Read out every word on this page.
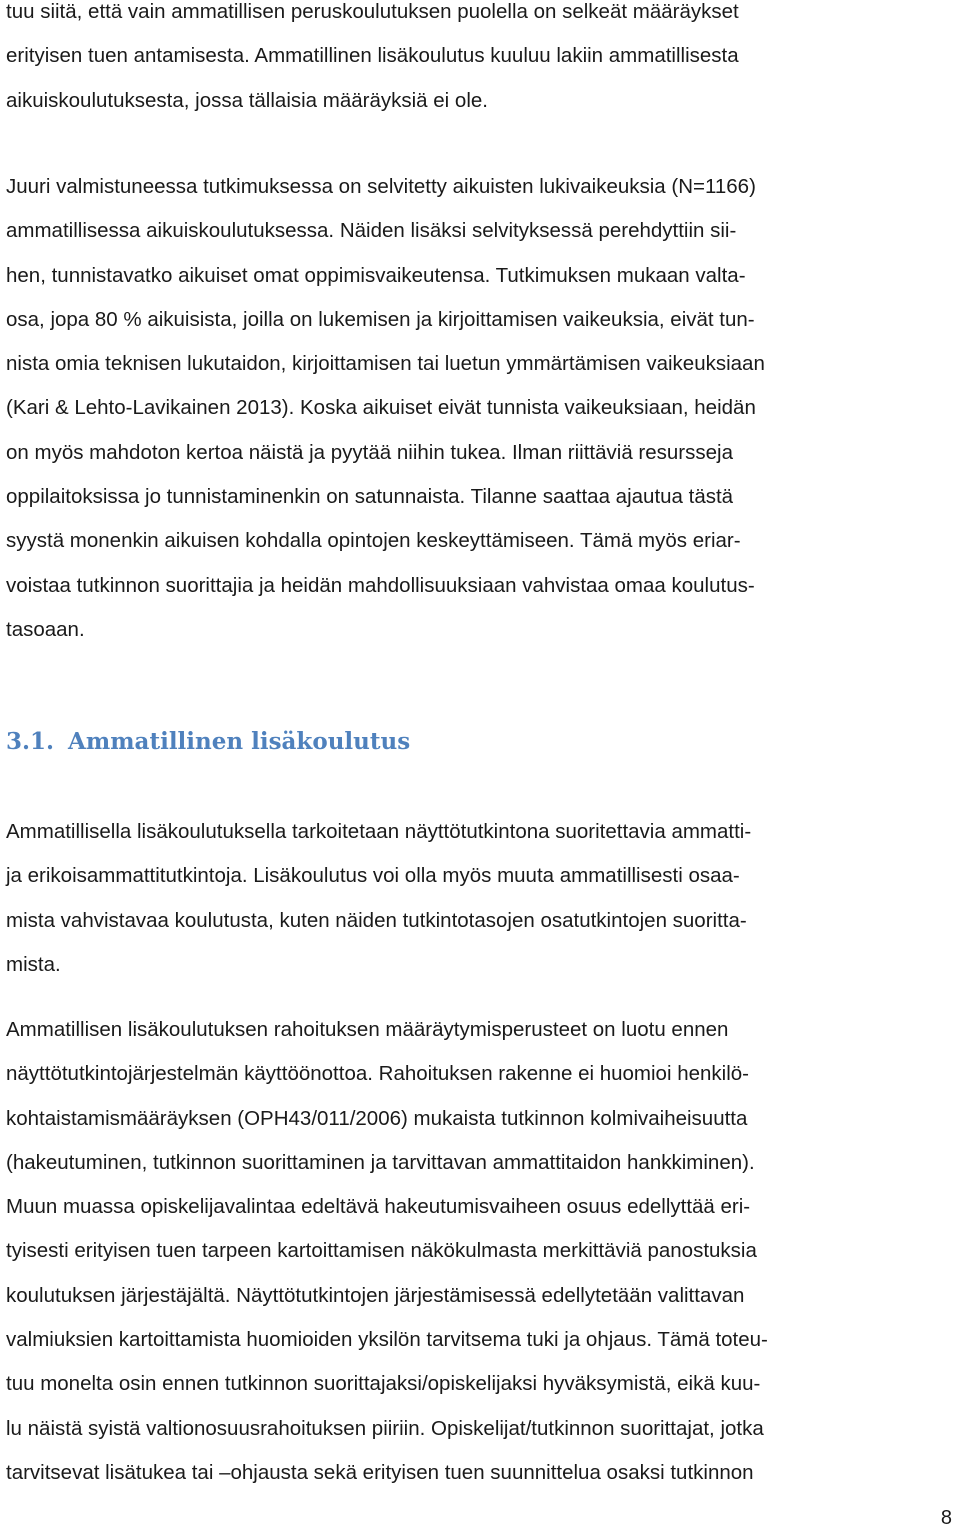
tuu siitä, että vain ammatillisen peruskoulutuksen puolella on selkeät määräykset
erityisen tuen antamisesta. Ammatillinen lisäkoulutus kuuluu lakiin ammatillisesta
aikuiskoulutuksesta, jossa tällaisia määräyksiä ei ole.
Juuri valmistuneessa tutkimuksessa on selvitetty aikuisten lukivaikeuksia (N=1166)
ammatillisessa aikuiskoulutuksessa. Näiden lisäksi selvityksessä perehdyttiin sii-
hen, tunnistavatko aikuiset omat oppimisvaikeutensa. Tutkimuksen mukaan valta-
osa, jopa 80 % aikuisista, joilla on lukemisen ja kirjoittamisen vaikeuksia, eivät tun-
nista omia teknisen lukutaidon, kirjoittamisen tai luetun ymmärtämisen vaikeuksiaan
(Kari & Lehto-Lavikainen 2013). Koska aikuiset eivät tunnista vaikeuksiaan, heidän
on myös mahdoton kertoa näistä ja pyytää niihin tukea. Ilman riittäviä resursseja
oppilaitoksissa jo tunnistaminenkin on satunnaista. Tilanne saattaa ajautua tästä
syystä monenkin aikuisen kohdalla opintojen keskeyttämiseen. Tämä myös eriar-
voistaa tutkinnon suorittajia ja heidän mahdollisuuksiaan vahvistaa omaa koulutus-
tasoaan.
3.1. Ammatillinen lisäkoulutus
Ammatillisella lisäkoulutuksella tarkoitetaan näyttötutkintona suoritettavia ammatti-
ja erikoisammattitutkintoja. Lisäkoulutus voi olla myös muuta ammatillisesti osaa-
mista vahvistavaa koulutusta, kuten näiden tutkintotasojen osatutkintojen suoritta-
mista.
Ammatillisen lisäkoulutuksen rahoituksen määräytymisperusteet on luotu ennen
näyttötutkintojärjestelmän käyttöönottoa. Rahoituksen rakenne ei huomioi henkilö-
kohtaistamismääräyksen (OPH43/011/2006) mukaista tutkinnon kolmivaiheisuutta
(hakeutuminen, tutkinnon suorittaminen ja tarvittavan ammattitaidon hankkiminen).
Muun muassa opiskelijavalintaa edeltävä hakeutumisvaiheen osuus edellyttää eri-
tyisesti erityisen tuen tarpeen kartoittamisen näkökulmasta merkittäviä panostuksia
koulutuksen järjestäjältä. Näyttötutkintojen järjestämisessä edellytetään valittavan
valmiuksien kartoittamista huomioiden yksilön tarvitsema tuki ja ohjaus. Tämä toteu-
tuu monelta osin ennen tutkinnon suorittajaksi/opiskelijaksi hyväksymistä, eikä kuu-
lu näistä syistä valtionosuusrahoituksen piiriin. Opiskelijat/tutkinnon suorittajat, jotka
tarvitsevat lisätukea tai –ohjausta sekä erityisen tuen suunnittelua osaksi tutkinnon
8
